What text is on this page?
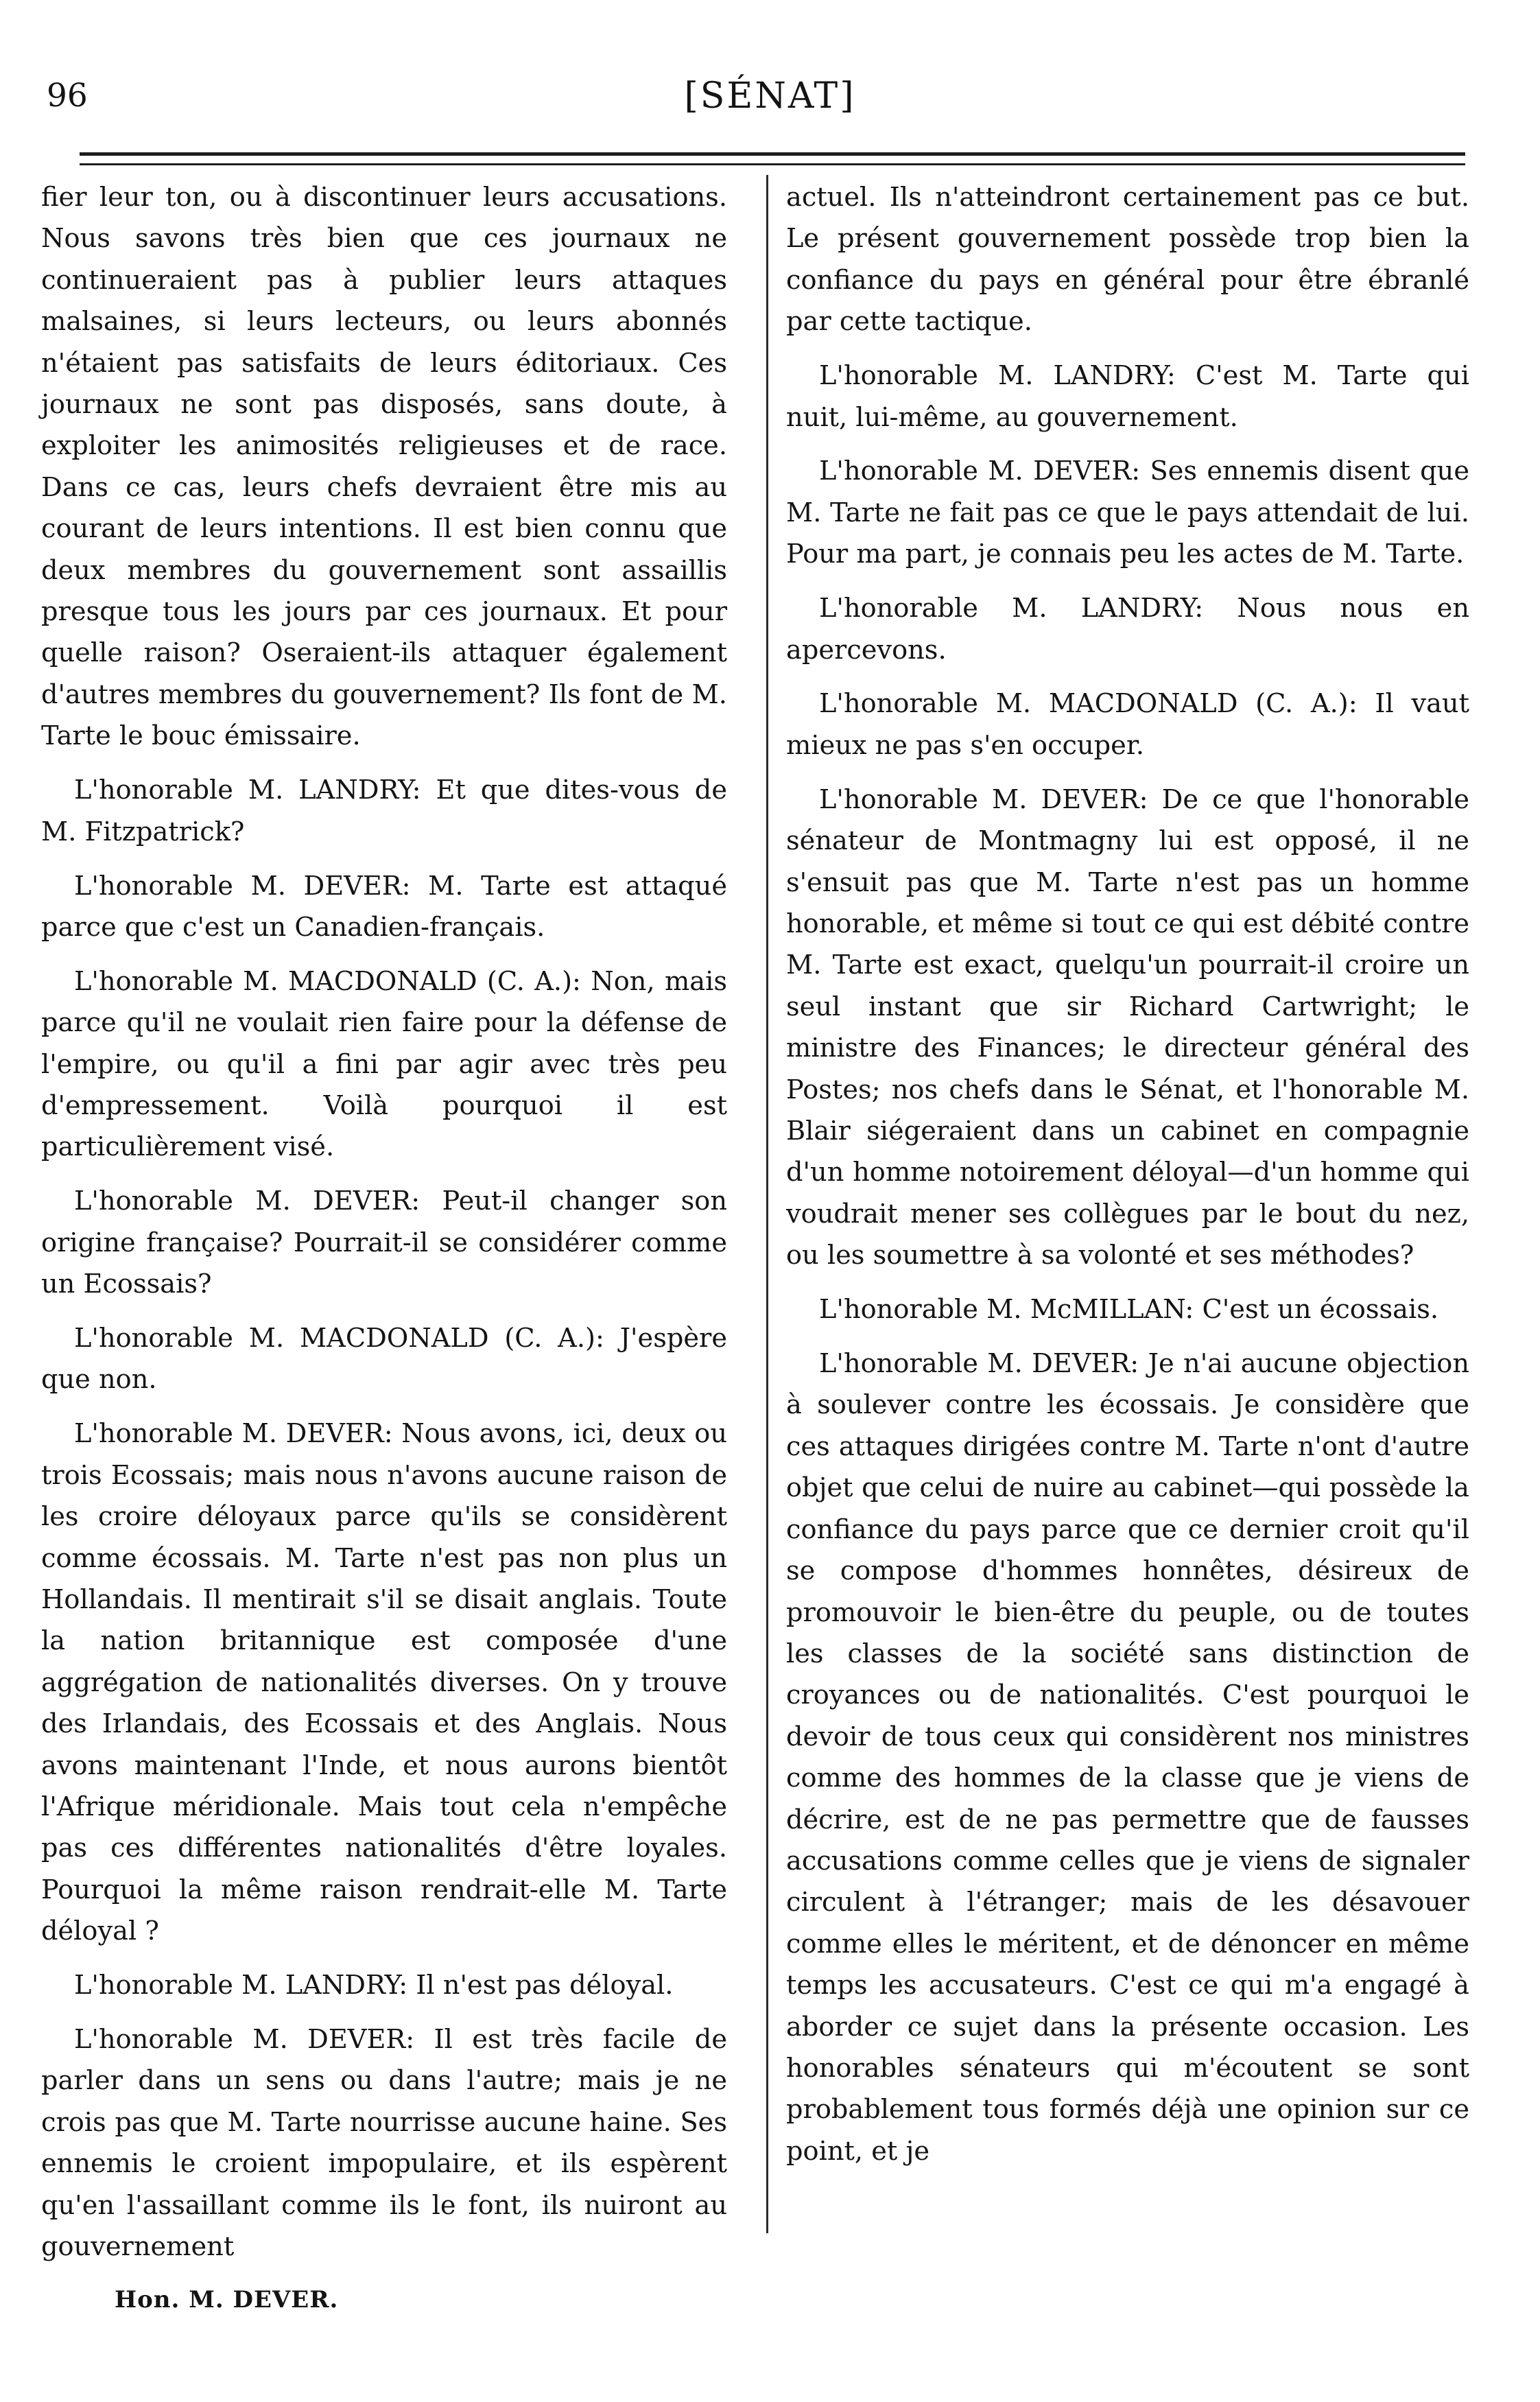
96	[SÉNAT]

fier leur ton, ou à discontinuer leurs accusations. Nous savons très bien que ces journaux ne continueraient pas à publier leurs attaques malsaines, si leurs lecteurs, ou leurs abonnés n'étaient pas satisfaits de leurs éditoriaux. Ces journaux ne sont pas disposés, sans doute, à exploiter les animosités religieuses et de race. Dans ce cas, leurs chefs devraient être mis au courant de leurs intentions. Il est bien connu que deux membres du gouvernement sont assaillis presque tous les jours par ces journaux. Et pour quelle raison? Oseraient-ils attaquer également d'autres membres du gouvernement? Ils font de M. Tarte le bouc émissaire.

L'honorable M. LANDRY: Et que dites-vous de M. Fitzpatrick?

L'honorable M. DEVER: M. Tarte est attaqué parce que c'est un Canadien-français.

L'honorable M. MACDONALD (C. A.): Non, mais parce qu'il ne voulait rien faire pour la défense de l'empire, ou qu'il a fini par agir avec très peu d'empressement. Voilà pourquoi il est particulièrement visé.

L'honorable M. DEVER: Peut-il changer son origine française? Pourrait-il se considérer comme un Ecossais?

L'honorable M. MACDONALD (C. A.): J'espère que non.

L'honorable M. DEVER: Nous avons, ici, deux ou trois Ecossais; mais nous n'avons aucune raison de les croire déloyaux parce qu'ils se considèrent comme écossais. M. Tarte n'est pas non plus un Hollandais. Il mentirait s'il se disait anglais. Toute la nation britannique est composée d'une aggrégation de nationalités diverses. On y trouve des Irlandais, des Ecossais et des Anglais. Nous avons maintenant l'Inde, et nous aurons bientôt l'Afrique méridionale. Mais tout cela n'empêche pas ces différentes nationalités d'être loyales. Pourquoi la même raison rendrait-elle M. Tarte déloyal ?

L'honorable M. LANDRY: Il n'est pas déloyal.

L'honorable M. DEVER: Il est très facile de parler dans un sens ou dans l'autre; mais je ne crois pas que M. Tarte nourrisse aucune haine. Ses ennemis le croient impopulaire, et ils espèrent qu'en l'assaillant comme ils le font, ils nuiront au gouvernement

actuel. Ils n'atteindront certainement pas ce but. Le présent gouvernement possède trop bien la confiance du pays en général pour être ébranlé par cette tactique.

L'honorable M. LANDRY: C'est M. Tarte qui nuit, lui-même, au gouvernement.

L'honorable M. DEVER: Ses ennemis disent que M. Tarte ne fait pas ce que le pays attendait de lui. Pour ma part, je connais peu les actes de M. Tarte.

L'honorable M. LANDRY: Nous nous en apercevons.

L'honorable M. MACDONALD (C. A.): Il vaut mieux ne pas s'en occuper.

L'honorable M. DEVER: De ce que l'honorable sénateur de Montmagny lui est opposé, il ne s'ensuit pas que M. Tarte n'est pas un homme honorable, et même si tout ce qui est débité contre M. Tarte est exact, quelqu'un pourrait-il croire un seul instant que sir Richard Cartwright; le ministre des Finances; le directeur général des Postes; nos chefs dans le Sénat, et l'honorable M. Blair siégeraient dans un cabinet en compagnie d'un homme notoirement déloyal—d'un homme qui voudrait mener ses collègues par le bout du nez, ou les soumettre à sa volonté et ses méthodes?

L'honorable M. McMILLAN: C'est un écossais.

L'honorable M. DEVER: Je n'ai aucune objection à soulever contre les écossais. Je considère que ces attaques dirigées contre M. Tarte n'ont d'autre objet que celui de nuire au cabinet—qui possède la confiance du pays parce que ce dernier croit qu'il se compose d'hommes honnêtes, désireux de promouvoir le bien-être du peuple, ou de toutes les classes de la société sans distinction de croyances ou de nationalités. C'est pourquoi le devoir de tous ceux qui considèrent nos ministres comme des hommes de la classe que je viens de décrire, est de ne pas permettre que de fausses accusations comme celles que je viens de signaler circulent à l'étranger; mais de les désavouer comme elles le méritent, et de dénoncer en même temps les accusateurs. C'est ce qui m'a engagé à aborder ce sujet dans la présente occasion. Les honorables sénateurs qui m'écoutent se sont probablement tous formés déjà une opinion sur ce point, et je

Hon. M. DEVER.
